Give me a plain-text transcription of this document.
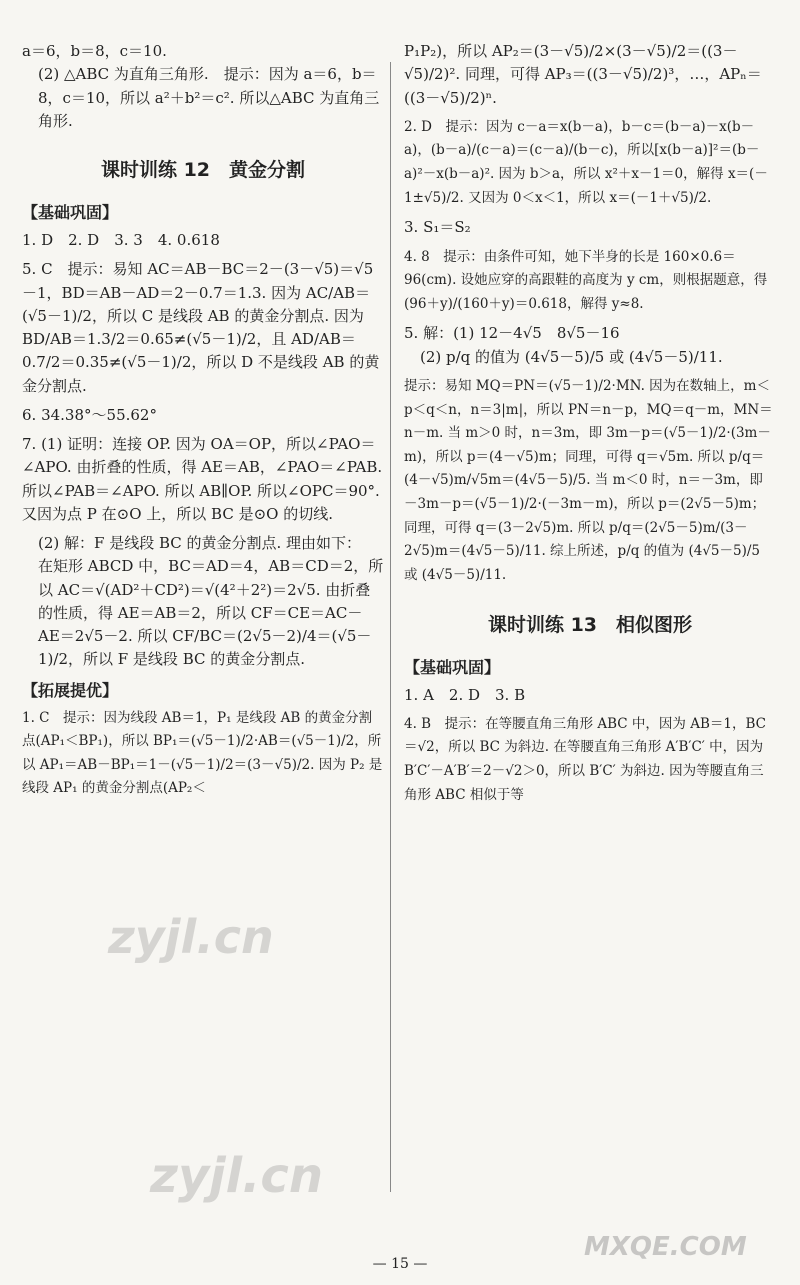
a＝6，b＝8，c＝10.

(2) △ABC 为直角三角形.　提示：因为 a＝6，b＝8，c＝10，所以 a²＋b²＝c². 所以△ABC 为直角三角形.

课时训练 12　黄金分割
【基础巩固】

1. D　2. D　3. 3　4. 0.618

5. C　提示：易知 AC＝AB－BC＝2－(3－√5)＝√5－1，BD＝AB－AD＝2－0.7＝1.3. 因为 AC/AB＝(√5－1)/2，所以 C 是线段 AB 的黄金分割点. 因为 BD/AB＝1.3/2＝0.65≠(√5－1)/2，且 AD/AB＝0.7/2＝0.35≠(√5－1)/2，所以 D 不是线段 AB 的黄金分割点.

6. 34.38°～55.62°

7. (1) 证明：连接 OP. 因为 OA＝OP，所以∠PAO＝∠APO. 由折叠的性质，得 AE＝AB，∠PAO＝∠PAB. 所以∠PAB＝∠APO. 所以 AB∥OP. 所以∠OPC＝90°. 又因为点 P 在⊙O 上，所以 BC 是⊙O 的切线.

(2) 解：F 是线段 BC 的黄金分割点. 理由如下：

在矩形 ABCD 中，BC＝AD＝4，AB＝CD＝2，所以 AC＝√(AD²＋CD²)＝√(4²＋2²)＝2√5. 由折叠的性质，得 AE＝AB＝2，所以 CF＝CE＝AC－AE＝2√5－2. 所以 CF/BC＝(2√5－2)/4＝(√5－1)/2，所以 F 是线段 BC 的黄金分割点.

【拓展提优】

1. C　提示：因为线段 AB＝1，P₁ 是线段 AB 的黄金分割点(AP₁＜BP₁)，所以 BP₁＝(√5－1)/2·AB＝(√5－1)/2，所以 AP₁＝AB－BP₁＝1－(√5－1)/2＝(3－√5)/2. 因为 P₂ 是线段 AP₁ 的黄金分割点(AP₂＜

P₁P₂)，所以 AP₂＝(3－√5)/2×(3－√5)/2＝((3－√5)/2)². 同理，可得 AP₃＝((3－√5)/2)³，…，APₙ＝((3－√5)/2)ⁿ.

2. D　提示：因为 c－a＝x(b－a)，b－c＝(b－a)－x(b－a)，(b－a)/(c－a)＝(c－a)/(b－c)，所以[x(b－a)]²＝(b－a)²－x(b－a)². 因为 b＞a，所以 x²＋x－1＝0，解得 x＝(－1±√5)/2. 又因为 0＜x＜1，所以 x＝(－1＋√5)/2.

3. S₁＝S₂

4. 8　提示：由条件可知，她下半身的长是 160×0.6＝96(cm). 设她应穿的高跟鞋的高度为 y cm，则根据题意，得 (96＋y)/(160＋y)＝0.618，解得 y≈8.

5. 解：(1) 12－4√5　8√5－16

(2) p/q 的值为 (4√5－5)/5 或 (4√5－5)/11.

提示：易知 MQ＝PN＝(√5－1)/2·MN. 因为在数轴上，m＜p＜q＜n，n＝3|m|，所以 PN＝n－p，MQ＝q－m，MN＝n－m. 当 m＞0 时，n＝3m，即 3m－p＝(√5－1)/2·(3m－m)，所以 p＝(4－√5)m；同理，可得 q＝√5m. 所以 p/q＝(4－√5)m/√5m＝(4√5－5)/5. 当 m＜0 时，n＝－3m，即－3m－p＝(√5－1)/2·(－3m－m)，所以 p＝(2√5－5)m；同理，可得 q＝(3－2√5)m. 所以 p/q＝(2√5－5)m/(3－2√5)m＝(4√5－5)/11. 综上所述，p/q 的值为 (4√5－5)/5 或 (4√5－5)/11.

课时训练 13　相似图形
【基础巩固】

1. A　2. D　3. B

4. B　提示：在等腰直角三角形 ABC 中，因为 AB＝1，BC＝√2，所以 BC 为斜边. 在等腰直角三角形 A′B′C′ 中，因为 B′C′－A′B′＝2－√2＞0，所以 B′C′ 为斜边. 因为等腰直角三角形 ABC 相似于等

zyjl.cn
zyjl.cn
MXQE.COM
— 15 —
